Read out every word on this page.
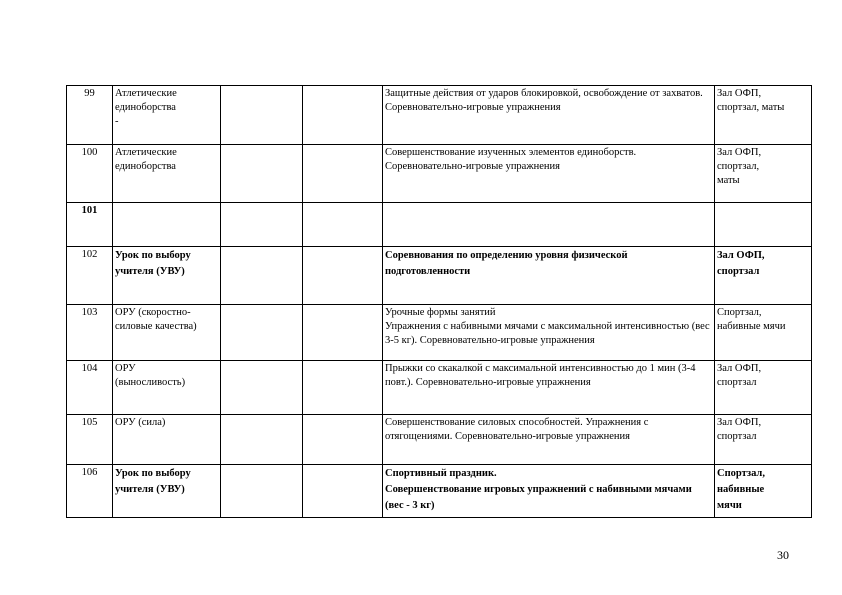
99	Атлетические
единоборства
-			Защитные действия от ударов блокировкой, освобождение от захватов. Соревнователъно-игровые упражнения	Зал ОФП,
спортзал, маты
100	Атлетические
единоборства			Совершенствование изученных элементов единоборств. Соревновательно-игровые упражнения	Зал ОФП,
спортзал,
маты
101					
102	Урок по выбору
учителя (УВУ)			Соревнования по определению уровня физической подготовленности	Зал ОФП,
спортзал
103	ОРУ (скоростно-
силовые качества)			Урочные формы занятий
Упражнения с набивными мячами с максимальной интенсивностью (вес 3-5 кг). Соревновательно-игровые упражнения	Спортзал,
набивные мячи
104	ОРУ
(выносливость)			Прыжки со скакалкой с максимальной интенсивностью до 1 мин (3-4 повт.). Соревновательно-игровые упражнения	Зал ОФП,
спортзал
105	ОРУ (сила)			Совершенствование силовых способностей. Упражнения с отягощениями. Соревновательно-игровые упражнения	Зал ОФП,
спортзал
106	Урок по выбору
учителя (УВУ)			Спортивный праздник.
Совершенствование игровых упражнений с набивными мячами (вес - 3 кг)	Спортзал,
набивные
мячи
30
